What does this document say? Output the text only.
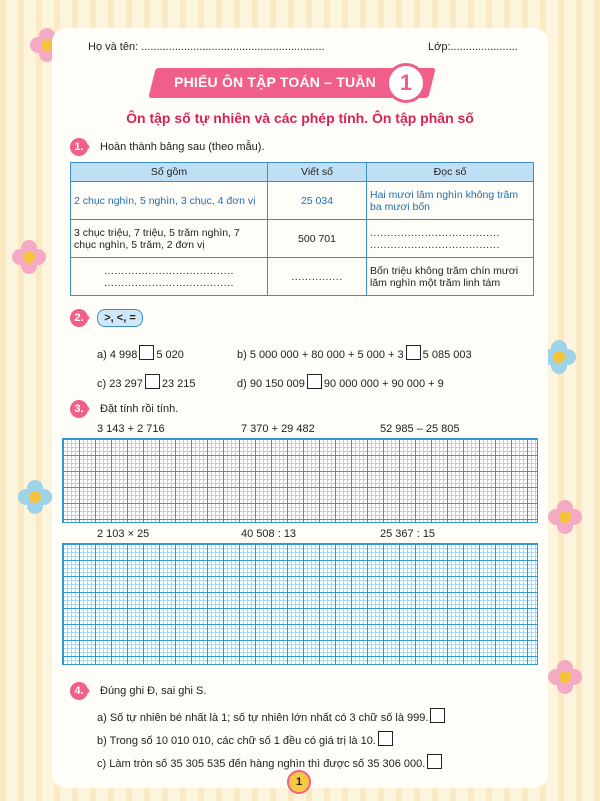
Họ và tên: ............................................................	Lớp:......................
PHIẾU ÔN TẬP TOÁN – TUẦN	1
Ôn tập số tự nhiên và các phép tính. Ôn tập phân số
1. » Hoàn thành bảng sau (theo mẫu).
Số gồm	Viết số	Đọc số
2 chục nghìn, 5 nghìn, 3 chục, 4 đơn vị	25 034	Hai mươi lăm nghìn không trăm ba mươi bốn
3 chục triệu, 7 triệu, 5 trăm nghìn, 7 chục nghìn, 5 trăm, 2 đơn vị	500 701	...................................... ......................................
...................................... ......................................	...............	Bốn triệu không trăm chín mươi lăm nghìn một trăm linh tám
2. »	>, <, =
a) 4 998 5 020	b) 5 000 000 + 80 000 + 5 000 + 3 5 085 003
c) 23 297 23 215	d) 90 150 009 90 000 000 + 90 000 + 9
3. » Đặt tính rồi tính.
3 143 + 2 716	7 370 + 29 482	52 985 – 25 805
2 103 × 25	40 508 : 13	25 367 : 15
4. » Đúng ghi Đ, sai ghi S.
a) Số tự nhiên bé nhất là 1; số tự nhiên lớn nhất có 3 chữ số là 999.
b) Trong số 10 010 010, các chữ số 1 đều có giá trị là 10.
c) Làm tròn số 35 305 535 đến hàng nghìn thì được số 35 306 000.
1
